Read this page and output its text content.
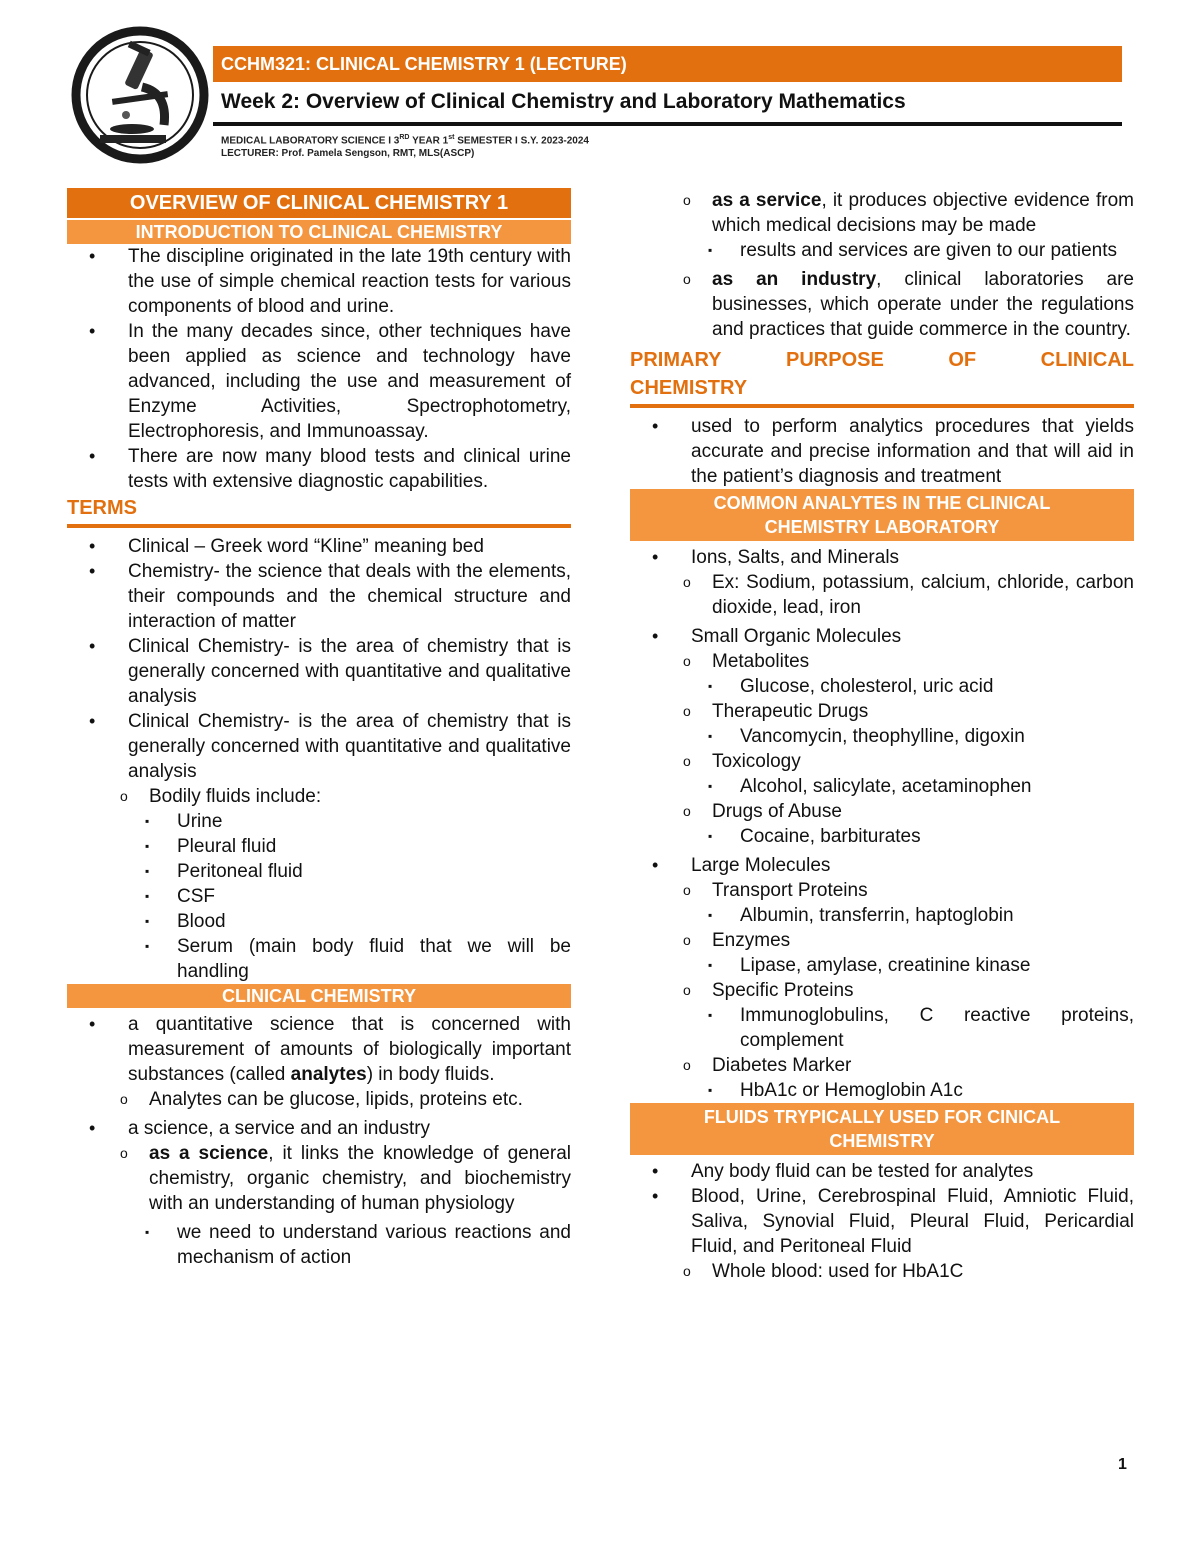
CCHM321: CLINICAL CHEMISTRY 1 (LECTURE)
Week 2: Overview of Clinical Chemistry and Laboratory Mathematics
MEDICAL LABORATORY SCIENCE I 3RD YEAR 1st SEMESTER I S.Y. 2023-2024
LECTURER: Prof. Pamela Sengson, RMT, MLS(ASCP)
OVERVIEW OF CLINICAL CHEMISTRY 1
INTRODUCTION TO CLINICAL CHEMISTRY
• The discipline originated in the late 19th century with the use of simple chemical reaction tests for various components of blood and urine.
• In the many decades since, other techniques have been applied as science and technology have advanced, including the use and measurement of Enzyme Activities, Spectrophotometry, Electrophoresis, and Immunoassay.
• There are now many blood tests and clinical urine tests with extensive diagnostic capabilities.
TERMS
• Clinical – Greek word “Kline” meaning bed
• Chemistry- the science that deals with the elements, their compounds and the chemical structure and interaction of matter
• Clinical Chemistry- is the area of chemistry that is generally concerned with quantitative and qualitative analysis
• Clinical Chemistry- is the area of chemistry that is generally concerned with quantitative and qualitative analysis
o Bodily fluids include:
▪ Urine
▪ Pleural fluid
▪ Peritoneal fluid
▪ CSF
▪ Blood
▪ Serum (main body fluid that we will be handling
CLINICAL CHEMISTRY
• a quantitative science that is concerned with measurement of amounts of biologically important substances (called analytes) in body fluids.
o Analytes can be glucose, lipids, proteins etc.
• a science, a service and an industry
o as a science, it links the knowledge of general chemistry, organic chemistry, and biochemistry with an understanding of human physiology
▪ we need to understand various reactions and mechanism of action
o as a service, it produces objective evidence from which medical decisions may be made
▪ results and services are given to our patients
o as an industry, clinical laboratories are businesses, which operate under the regulations and practices that guide commerce in the country.
PRIMARY	PURPOSE	OF	CLINICAL
CHEMISTRY
• used to perform analytics procedures that yields accurate and precise information and that will aid in the patient’s diagnosis and treatment
COMMON ANALYTES IN THE CLINICAL
CHEMISTRY LABORATORY
• Ions, Salts, and Minerals
o Ex: Sodium, potassium, calcium, chloride, carbon dioxide, lead, iron
• Small Organic Molecules
o Metabolites
▪ Glucose, cholesterol, uric acid
o Therapeutic Drugs
▪ Vancomycin, theophylline, digoxin
o Toxicology
▪ Alcohol, salicylate, acetaminophen
o Drugs of Abuse
▪ Cocaine, barbiturates
• Large Molecules
o Transport Proteins
▪ Albumin, transferrin, haptoglobin
o Enzymes
▪ Lipase, amylase, creatinine kinase
o Specific Proteins
▪ Immunoglobulins, C reactive proteins, complement
o Diabetes Marker
▪ HbA1c or Hemoglobin A1c
FLUIDS TRYPICALLY USED FOR CINICAL
CHEMISTRY
• Any body fluid can be tested for analytes
• Blood, Urine, Cerebrospinal Fluid, Amniotic Fluid, Saliva, Synovial Fluid, Pleural Fluid, Pericardial Fluid, and Peritoneal Fluid
o Whole blood: used for HbA1C
1
